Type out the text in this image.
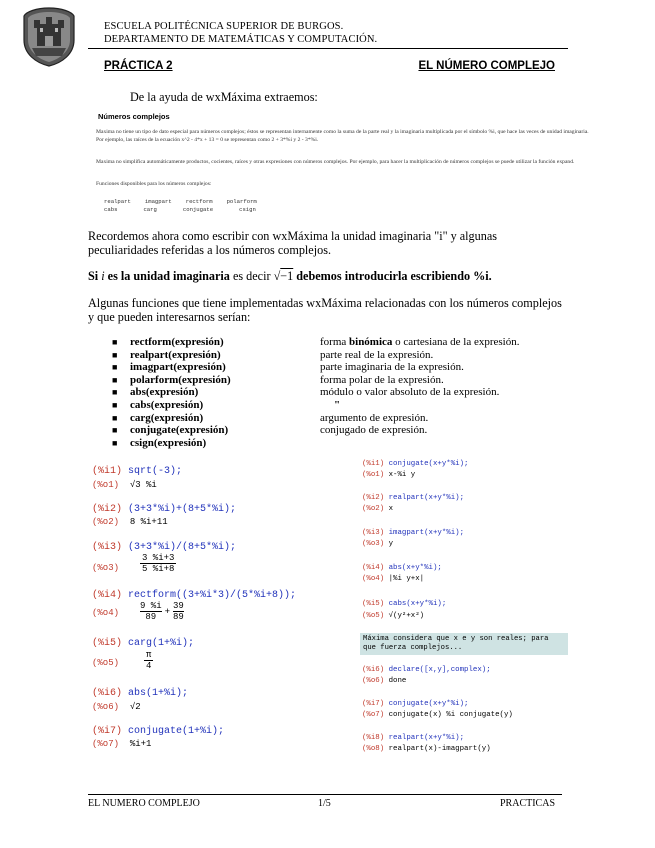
ESCUELA POLITÉCNICA SUPERIOR DE BURGOS.
DEPARTAMENTO DE MATEMÁTICAS Y COMPUTACIÓN.
PRÁCTICA 2	EL NÚMERO COMPLEJO
De la ayuda de wxMáxima extraemos:
Números complejos
Maxima no tiene un tipo de dato especial para números complejos; éstos se representan internamente como la suma de la parte real y la imaginaria multiplicada por el símbolo %i, que hace las veces de unidad imaginaria. Por ejemplo, las raíces de la ecuación x^2 - 4*x + 13 = 0 se representan como 2 + 3*%i y 2 - 3*%i.
Maxima no simplifica automáticamente productos, cocientes, raíces y otras expresiones con números complejos. Por ejemplo, para hacer la multiplicación de números complejos se puede utilizar la función expand.
Funciones disponibles para los números complejos:
realpart	imagpart	rectform	polarform
cabs	carg	conjugate	csign
Recordemos ahora como escribir con wxMáxima la unidad imaginaria "i" y algunas peculiaridades referidas a los números complejos.
Si i es la unidad imaginaria es decir √−1 debemos introducirla escribiendo %i.
Algunas funciones que tiene implementadas wxMáxima relacionadas con los números complejos y que pueden interesarnos serían:
■	rectform(expresión)	forma binómica o cartesiana de la expresión.
■	realpart(expresión)	parte real de la expresión.
■	imagpart(expresión)	parte imaginaria de la expresión.
■	polarform(expresión)	forma polar de la expresión.
■	abs(expresión)	módulo o valor absoluto de la expresión.
■	cabs(expresión)	"
■	carg(expresión)	argumento de expresión.
■	conjugate(expresión)	conjugado de expresión.
■	csign(expresión)
(%i1) sqrt(-3);
(%o1) √3 %i
(%i2) (3+3*%i)+(8+5*%i);
(%o2) 8 %i+11
(%i3) (3+3*%i)/(8+5*%i);
(%o3)
3 %i+3
5 %i+8
(%i4) rectform((3+%i*3)/(5*%i+8));
(%o4)
9 %i
89
+ $\frac{39}{89}$
(%i5) carg(1+%i);
(%o5)
π
4
(%i6) abs(1+%i);
(%o6) √2
(%i7) conjugate(1+%i);
(%o7) %i+1
(%i1) conjugate(x+y*%i);
(%o1) x-%i y
(%i2) realpart(x+y*%i);
(%o2) x
(%i3) imagpart(x+y*%i);
(%o3) y
(%i4) abs(x+y*%i);
(%o4) |%i y+x|
(%i5) cabs(x+y*%i);
(%o5) √(y²+x²)
Máxima considera que x e y son reales; para que fuerza complejos...
(%i6) declare([x,y],complex);
(%o6) done
(%i7) conjugate(x+y*%i);
(%o7) conjugate(x) %i conjugate(y)
(%i8) realpart(x+y*%i);
(%o8) realpart(x)-imagpart(y)
EL NUMERO COMPLEJO	1/5	PRACTICAS
